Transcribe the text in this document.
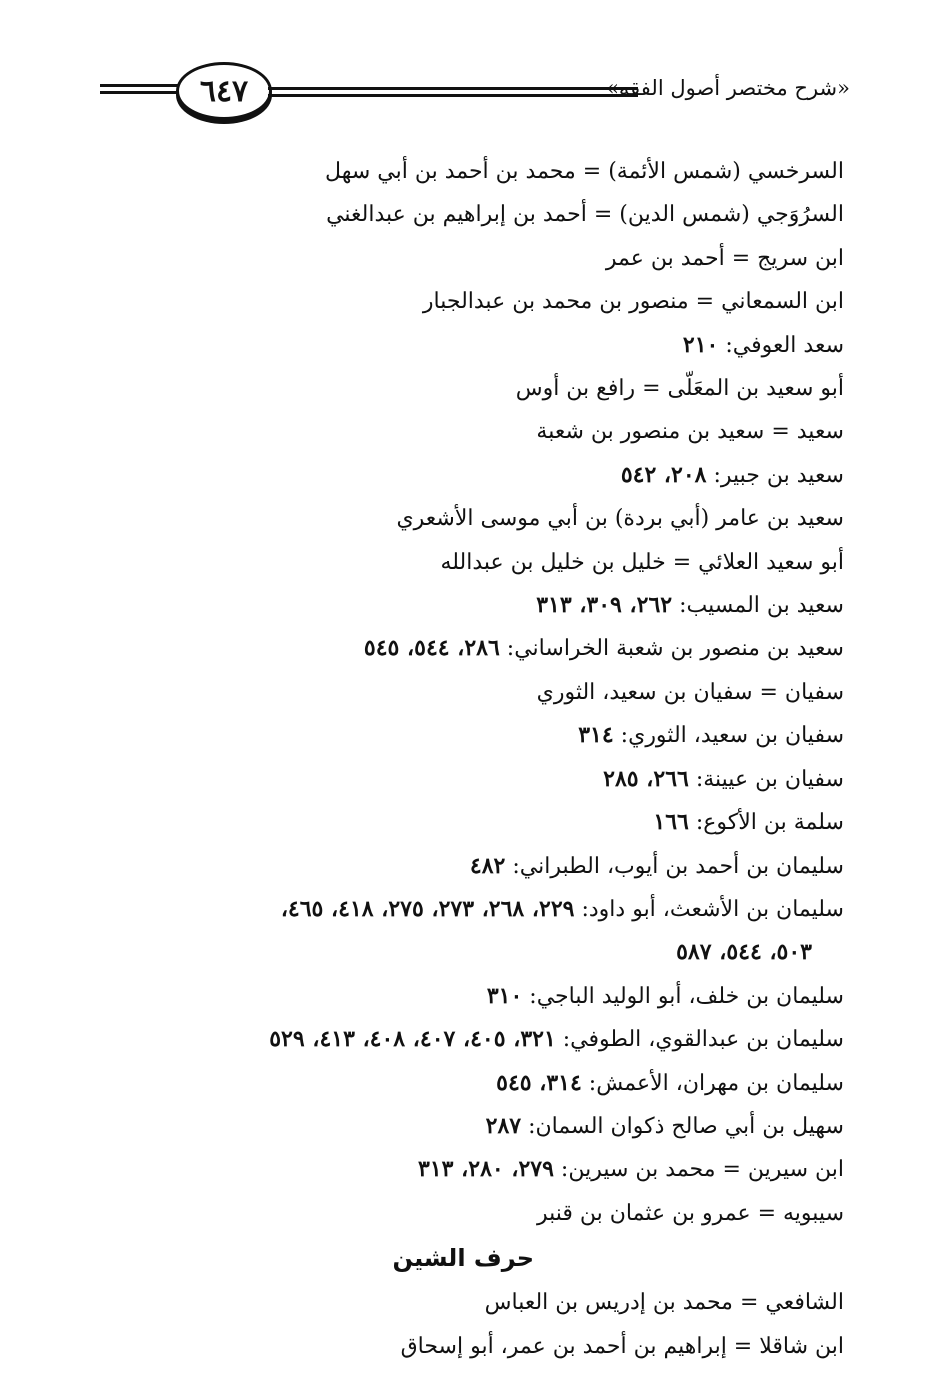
٦٤٧	«شرح مختصر أصول الفقه»
السرخسي (شمس الأئمة) = محمد بن أحمد بن أبي سهل
السرُوَجي (شمس الدين) = أحمد بن إبراهيم بن عبدالغني
ابن سريج = أحمد بن عمر
ابن السمعاني = منصور بن محمد بن عبدالجبار
سعد العوفي: ٢١٠
أبو سعيد بن المعَلّى = رافع بن أوس
سعيد = سعيد بن منصور بن شعبة
سعيد بن جبير: ٢٠٨، ٥٤٢
سعيد بن عامر (أبي بردة) بن أبي موسى الأشعري
أبو سعيد العلائي = خليل بن خليل بن عبدالله
سعيد بن المسيب: ٢٦٢، ٣٠٩، ٣١٣
سعيد بن منصور بن شعبة الخراساني: ٢٨٦، ٥٤٤، ٥٤٥
سفيان = سفيان بن سعيد، الثوري
سفيان بن سعيد، الثوري: ٣١٤
سفيان بن عيينة: ٢٦٦، ٢٨٥
سلمة بن الأكوع: ١٦٦
سليمان بن أحمد بن أيوب، الطبراني: ٤٨٢
سليمان بن الأشعث، أبو داود: ٢٢٩، ٢٦٨، ٢٧٣، ٢٧٥، ٤١٨، ٤٦٥،
٥٠٣، ٥٤٤، ٥٨٧
سليمان بن خلف، أبو الوليد الباجي: ٣١٠
سليمان بن عبدالقوي، الطوفي: ٣٢١، ٤٠٥، ٤٠٧، ٤٠٨، ٤١٣، ٥٢٩
سليمان بن مهران، الأعمش: ٣١٤، ٥٤٥
سهيل بن أبي صالح ذكوان السمان: ٢٨٧
ابن سيرين = محمد بن سيرين: ٢٧٩، ٢٨٠، ٣١٣
سيبويه = عمرو بن عثمان بن قنبر
حرف الشين
الشافعي = محمد بن إدريس بن العباس
ابن شاقلا = إبراهيم بن أحمد بن عمر، أبو إسحاق
